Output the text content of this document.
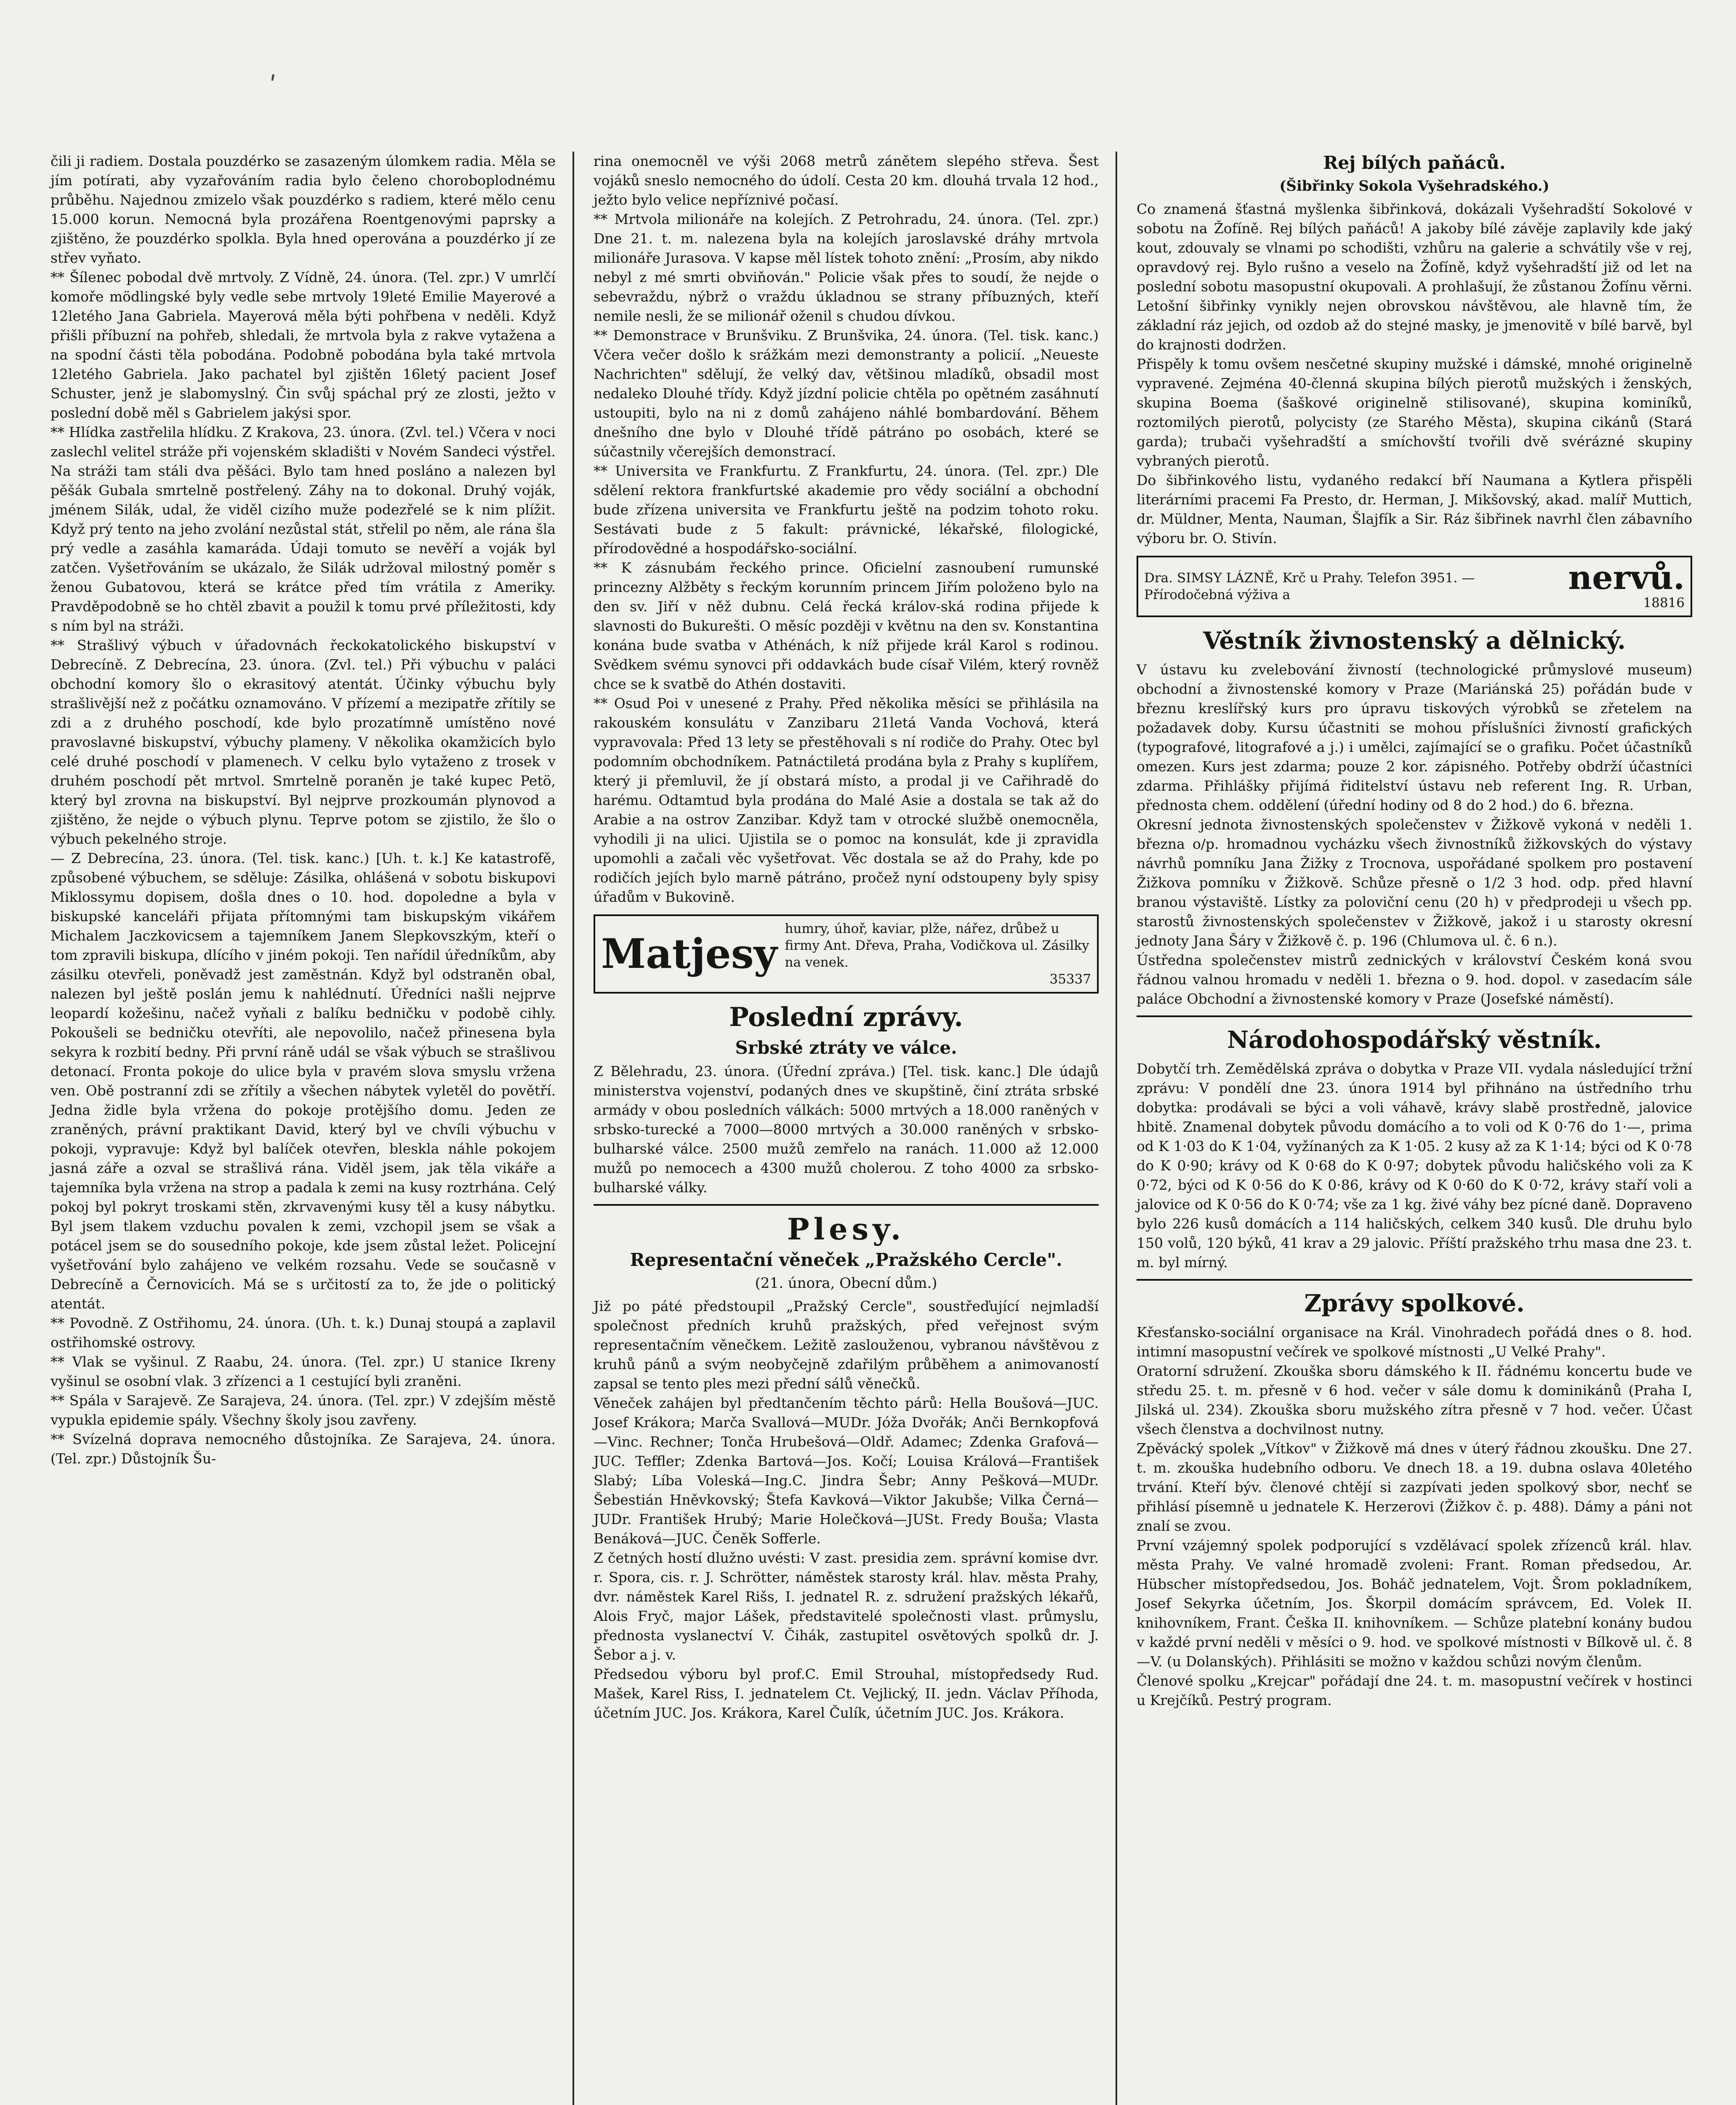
ʹ

čili ji radiem. Dostala pouzdérko se zasazeným úlomkem radia. Měla se jím potírati, aby vyzařováním radia bylo čeleno choroboplodnému průběhu. Najednou zmizelo však pouzdérko s radiem, které mělo cenu 15.000 korun. Nemocná byla prozářena Roentgenovými paprsky a zjištěno, že pouzdérko spolkla. Byla hned operována a pouzdérko jí ze střev vyňato.

** Šílenec pobodal dvě mrtvoly. Z Vídně, 24. února. (Tel. zpr.) V umrlčí komoře mödlingské byly vedle sebe mrtvoly 19leté Emilie Mayerové a 12letého Jana Gabriela. Mayerová měla býti pohřbena v neděli. Když přišli příbuzní na pohřeb, shledali, že mrtvola byla z rakve vytažena a na spodní části těla pobodána. Podobně pobodána byla také mrtvola 12letého Gabriela. Jako pachatel byl zjištěn 16letý pacient Josef Schuster, jenž je slabomyslný. Čin svůj spáchal prý ze zlosti, ježto v poslední době měl s Gabrielem jakýsi spor.

** Hlídka zastřelila hlídku. Z Krakova, 23. února. (Zvl. tel.) Včera v noci zaslechl velitel stráže při vojenském skladišti v Novém Sandeci výstřel. Na stráži tam stáli dva pěšáci. Bylo tam hned posláno a nalezen byl pěšák Gubala smrtelně postřelený. Záhy na to dokonal. Druhý voják, jménem Silák, udal, že viděl cizího muže podezřelé se k nim plížit. Když prý tento na jeho zvolání nezůstal stát, střelil po něm, ale rána šla prý vedle a zasáhla kamaráda. Údaji tomuto se nevěří a voják byl zatčen. Vyšetřováním se ukázalo, že Silák udržoval milostný poměr s ženou Gubatovou, která se krátce před tím vrátila z Ameriky. Pravděpodobně se ho chtěl zbavit a použil k tomu prvé příležitosti, kdy s ním byl na stráži.

** Strašlivý výbuch v úřadovnách řeckokatolického biskupství v Debrecíně. Z Debrecína, 23. února. (Zvl. tel.) Při výbuchu v paláci obchodní komory šlo o ekrasitový atentát. Účinky výbuchu byly strašlivější než z počátku oznamováno. V přízemí a mezipatře zřítily se zdi a z druhého poschodí, kde bylo prozatímně umístěno nové pravoslavné biskupství, výbuchy plameny. V několika okamžicích bylo celé druhé poschodí v plamenech. V celku bylo vytaženo z trosek v druhém poschodí pět mrtvol. Smrtelně poraněn je také kupec Petö, který byl zrovna na biskupství. Byl nejprve prozkoumán plynovod a zjištěno, že nejde o výbuch plynu. Teprve potom se zjistilo, že šlo o výbuch pekelného stroje.

— Z Debrecína, 23. února. (Tel. tisk. kanc.) [Uh. t. k.] Ke katastrofě, způsobené výbuchem, se sděluje: Zásilka, ohlášená v sobotu biskupovi Miklossymu dopisem, došla dnes o 10. hod. dopoledne a byla v biskupské kanceláři přijata přítomnými tam biskupským vikářem Michalem Jaczkovicsem a tajemníkem Janem Slepkovszkým, kteří o tom zpravili biskupa, dlícího v jiném pokoji. Ten nařídil úředníkům, aby zásilku otevřeli, poněvadž jest zaměstnán. Když byl odstraněn obal, nalezen byl ještě poslán jemu k nahlédnutí. Úředníci našli nejprve leopardí kožešinu, načež vyňali z balíku bedničku v podobě cihly. Pokoušeli se bedničku otevříti, ale nepovolilo, načež přinesena byla sekyra k rozbití bedny. Při první ráně udál se však výbuch se strašlivou detonací. Fronta pokoje do ulice byla v pravém slova smyslu vržena ven. Obě postranní zdi se zřítily a všechen nábytek vyletěl do povětří. Jedna židle byla vržena do pokoje protějšího domu. Jeden ze zraněných, právní praktikant David, který byl ve chvíli výbuchu v pokoji, vypravuje: Když byl balíček otevřen, bleskla náhle pokojem jasná záře a ozval se strašlivá rána. Viděl jsem, jak těla vikáře a tajemníka byla vržena na strop a padala k zemi na kusy roztrhána. Celý pokoj byl pokryt troskami stěn, zkrvavenými kusy těl a kusy nábytku. Byl jsem tlakem vzduchu povalen k zemi, vzchopil jsem se však a potácel jsem se do sousedního pokoje, kde jsem zůstal ležet. Policejní vyšetřování bylo zahájeno ve velkém rozsahu. Vede se současně v Debrecíně a Černovicích. Má se s určitostí za to, že jde o politický atentát.

** Povodně. Z Ostřihomu, 24. února. (Uh. t. k.) Dunaj stoupá a zaplavil ostřihomské ostrovy.

** Vlak se vyšinul. Z Raabu, 24. února. (Tel. zpr.) U stanice Ikreny vyšinul se osobní vlak. 3 zřízenci a 1 cestující byli zraněni.

** Spála v Sarajevě. Ze Sarajeva, 24. února. (Tel. zpr.) V zdejším městě vypukla epidemie spály. Všechny školy jsou zavřeny.

** Svízelná doprava nemocného důstojníka. Ze Sarajeva, 24. února. (Tel. zpr.) Důstojník Šu-

rina onemocněl ve výši 2068 metrů zánětem slepého střeva. Šest vojáků sneslo nemocného do údolí. Cesta 20 km. dlouhá trvala 12 hod., ježto bylo velice nepříznivé počasí.

** Mrtvola milionáře na kolejích. Z Petrohradu, 24. února. (Tel. zpr.) Dne 21. t. m. nalezena byla na kolejích jaroslavské dráhy mrtvola milionáře Jurasova. V kapse měl lístek tohoto znění: „Prosím, aby nikdo nebyl z mé smrti obviňován." Policie však přes to soudí, že nejde o sebevraždu, nýbrž o vraždu úkladnou se strany příbuzných, kteří nemile nesli, že se milionář oženil s chudou dívkou.

** Demonstrace v Brunšviku. Z Brunšvika, 24. února. (Tel. tisk. kanc.) Včera večer došlo k srážkám mezi demonstranty a policií. „Neueste Nachrichten" sdělují, že velký dav, většinou mladíků, obsadil most nedaleko Dlouhé třídy. Když jízdní policie chtěla po opětném zasáhnutí ustoupiti, bylo na ni z domů zahájeno náhlé bombardování. Během dnešního dne bylo v Dlouhé třídě pátráno po osobách, které se súčastnily včerejších demonstrací.

** Universita ve Frankfurtu. Z Frankfurtu, 24. února. (Tel. zpr.) Dle sdělení rektora frankfurtské akademie pro vědy sociální a obchodní bude zřízena universita ve Frankfurtu ještě na podzim tohoto roku. Sestávati bude z 5 fakult: právnické, lékařské, filologické, přírodovědné a hospodářsko-sociální.

** K zásnubám řeckého prince. Oficielní zasnoubení rumunské princezny Alžběty s řeckým korunním princem Jiřím položeno bylo na den sv. Jiří v něž dubnu. Celá řecká králov-ská rodina přijede k slavnosti do Bukurešti. O měsíc později v květnu na den sv. Konstantina konána bude svatba v Athénách, k níž přijede král Karol s rodinou. Svědkem svému synovci při oddavkách bude císař Vilém, který rovněž chce se k svatbě do Athén dostaviti.

** Osud Poi v unesené z Prahy. Před několika měsíci se přihlásila na rakouském konsulátu v Zanzibaru 21letá Vanda Vochová, která vypravovala: Před 13 lety se přestěhovali s ní rodiče do Prahy. Otec byl podomním obchodníkem. Patnáctiletá prodána byla z Prahy s kuplířem, který ji přemluvil, že jí obstará místo, a prodal ji ve Cařihradě do harému. Odtamtud byla prodána do Malé Asie a dostala se tak až do Arabie a na ostrov Zanzibar. Když tam v otrocké službě onemocněla, vyhodili ji na ulici. Ujistila se o pomoc na konsulát, kde ji zpravidla upomohli a začali věc vyšetřovat. Věc dostala se až do Prahy, kde po rodičích jejích bylo marně pátráno, pročež nyní odstoupeny byly spisy úřadům v Bukovině.

Matjesy
humry, úhoř, kaviar, plže, nářez, drůbež u firmy Ant. Dřeva, Praha, Vodičkova ul. Zásilky na venek.
35337
Poslední zprávy.
Srbské ztráty ve válce.

Z Bělehradu, 23. února. (Úřední zpráva.) [Tel. tisk. kanc.] Dle údajů ministerstva vojenství, podaných dnes ve skupštině, činí ztráta srbské armády v obou posledních válkách: 5000 mrtvých a 18.000 raněných v srbsko-turecké a 7000—8000 mrtvých a 30.000 raněných v srbsko-bulharské válce. 2500 mužů zemřelo na ranách. 11.000 až 12.000 mužů po nemocech a 4300 mužů cholerou. Z toho 4000 za srbsko-bulharské války.

Plesy.
Representační věneček „Pražského Cercle".
(21. února, Obecní dům.)

Již po páté předstoupil „Pražský Cercle", soustřeďující nejmladší společnost předních kruhů pražských, před veřejnost svým representačním věnečkem. Ležitě zaslouženou, vybranou návštěvou z kruhů pánů a svým neobyčejně zdařilým průběhem a animovaností zapsal se tento ples mezi přední sálů věnečků.

Věneček zahájen byl předtančením těchto párů: Hella Boušová—JUC. Josef Krákora; Marča Svallová—MUDr. Jóža Dvořák; Anči Bernkopfová—Vinc. Rechner; Tonča Hrubešová—Oldř. Adamec; Zdenka Grafová—JUC. Teffler; Zdenka Bartová—Jos. Kočí; Louisa Králová—František Slabý; Líba Voleská—Ing.C. Jindra Šebr; Anny Pešková—MUDr. Šebestián Hněvkovský; Štefa Kavková—Viktor Jakubše; Vilka Černá—JUDr. František Hrubý; Marie Holečková—JUSt. Fredy Bouša; Vlasta Benáková—JUC. Čeněk Sofferle.

Z četných hostí dlužno uvésti: V zast. presidia zem. správní komise dvr. r. Spora, cis. r. J. Schrötter, náměstek starosty král. hlav. města Prahy, dvr. náměstek Karel Rišs, I. jednatel R. z. sdružení pražských lékařů, Alois Fryč, major Lášek, představitelé společnosti vlast. průmyslu, přednosta vyslanectví V. Čihák, zastupitel osvětových spolků dr. J. Šebor a j. v.

Předsedou výboru byl prof.C. Emil Strouhal, místopředsedy Rud. Mašek, Karel Riss, I. jednatelem Ct. Vejlický, II. jedn. Václav Příhoda, účetním JUC. Jos. Krákora, Karel Čulík, účetním JUC. Jos. Krákora.

Rej bílých paňáců.
(Šibřinky Sokola Vyšehradského.)

Co znamená šťastná myšlenka šibřinková, dokázali Vyšehradští Sokolové v sobotu na Žofíně. Rej bílých paňáců! A jakoby bílé závěje zaplavily kde jaký kout, zdouvaly se vlnami po schodišti, vzhůru na galerie a schvátily vše v rej, opravdový rej. Bylo rušno a veselo na Žofíně, když vyšehradští již od let na poslední sobotu masopustní okupovali. A prohlašují, že zůstanou Žofínu věrni. Letošní šibřinky vynikly nejen obrovskou návštěvou, ale hlavně tím, že základní ráz jejich, od ozdob až do stejné masky, je jmenovitě v bílé barvě, byl do krajnosti dodržen.

Přispěly k tomu ovšem nesčetné skupiny mužské i dámské, mnohé originelně vypravené. Zejména 40-členná skupina bílých pierotů mužských i ženských, skupina Boema (šaškové originelně stilisované), skupina kominíků, roztomilých pierotů, polycisty (ze Starého Města), skupina cikánů (Stará garda); trubači vyšehradští a smíchovští tvořili dvě svérázné skupiny vybraných pierotů.

Do šibřinkového listu, vydaného redakcí bří Naumana a Kytlera přispěli literárními pracemi Fa Presto, dr. Herman, J. Mikšovský, akad. malíř Muttich, dr. Müldner, Menta, Nauman, Šlajfík a Sir. Ráz šibřinek navrhl člen zábavního výboru br. O. Stivín.

Dra. SIMSY LÁZNĚ, Krč u Prahy. Telefon 3951. — Přírodočebná výživa a	nervů.
18816
Věstník živnostenský a dělnický.

V ústavu ku zvelebování živností (technologické průmyslové museum) obchodní a živnostenské komory v Praze (Mariánská 25) pořádán bude v březnu kreslířský kurs pro úpravu tiskových výrobků se zřetelem na požadavek doby. Kursu účastniti se mohou příslušníci živností grafických (typografové, litografové a j.) i umělci, zajímající se o grafiku. Počet účastníků omezen. Kurs jest zdarma; pouze 2 kor. zápisného. Potřeby obdrží účastníci zdarma. Přihlášky přijímá řiditelství ústavu neb referent Ing. R. Urban, přednosta chem. oddělení (úřední hodiny od 8 do 2 hod.) do 6. března.

Okresní jednota živnostenských společenstev v Žižkově vykoná v neděli 1. března o/p. hromadnou vycházku všech živnostníků žižkovských do výstavy návrhů pomníku Jana Žižky z Trocnova, uspořádané spolkem pro postavení Žižkova pomníku v Žižkově. Schůze přesně o 1/2 3 hod. odp. před hlavní branou výstaviště. Lístky za poloviční cenu (20 h) v předprodeji u všech pp. starostů živnostenských společenstev v Žižkově, jakož i u starosty okresní jednoty Jana Šáry v Žižkově č. p. 196 (Chlumova ul. č. 6 n.).

Ústředna společenstev mistrů zednických v království Českém koná svou řádnou valnou hromadu v neděli 1. března o 9. hod. dopol. v zasedacím sále paláce Obchodní a živnostenské komory v Praze (Josefské náměstí).

Národohospodářský věstník.

Dobytčí trh. Zemědělská zpráva o dobytka v Praze VII. vydala následující tržní zprávu: V pondělí dne 23. února 1914 byl přihnáno na ústředního trhu dobytka: prodávali se býci a voli váhavě, krávy slabě prostředně, jalovice hbitě. Znamenal dobytek původu domácího a to voli od K 0·76 do 1·—, prima od K 1·03 do K 1·04, vyžínaných za K 1·05. 2 kusy až za K 1·14; býci od K 0·78 do K 0·90; krávy od K 0·68 do K 0·97; dobytek původu haličského voli za K 0·72, býci od K 0·56 do K 0·86, krávy od K 0·60 do K 0·72, krávy staří voli a jalovice od K 0·56 do K 0·74; vše za 1 kg. živé váhy bez pícné daně. Dopraveno bylo 226 kusů domácích a 114 haličských, celkem 340 kusů. Dle druhu bylo 150 volů, 120 býků, 41 krav a 29 jalovic. Příští pražského trhu masa dne 23. t. m. byl mírný.

Zprávy spolkové.

Křesťansko-sociální organisace na Král. Vinohradech pořádá dnes o 8. hod. intimní masopustní večírek ve spolkové místnosti „U Velké Prahy".

Oratorní sdružení. Zkouška sboru dámského k II. řádnému koncertu bude ve středu 25. t. m. přesně v 6 hod. večer v sále domu k dominikánů (Praha I, Jilská ul. 234). Zkouška sboru mužského zítra přesně v 7 hod. večer. Účast všech členstva a dochvilnost nutny.

Zpěvácký spolek „Vítkov" v Žižkově má dnes v úterý řádnou zkoušku. Dne 27. t. m. zkouška hudebního odboru. Ve dnech 18. a 19. dubna oslava 40letého trvání. Kteří býv. členové chtějí si zazpívati jeden spolkový sbor, nechť se přihlásí písemně u jednatele K. Herzerovi (Žižkov č. p. 488). Dámy a páni not znalí se zvou.

První vzájemný spolek podporující s vzdělávací spolek zřízenců král. hlav. města Prahy. Ve valné hromadě zvoleni: Frant. Roman předsedou, Ar. Hübscher místopředsedou, Jos. Boháč jednatelem, Vojt. Šrom pokladníkem, Josef Sekyrka účetním, Jos. Škorpil domácím správcem, Ed. Volek II. knihovníkem, Frant. Češka II. knihovníkem. — Schůze platební konány budou v každé první neděli v měsíci o 9. hod. ve spolkové místnosti v Bílkově ul. č. 8—V. (u Dolanských). Přihlásiti se možno v každou schůzi novým členům.

Členové spolku „Krejcar" pořádají dne 24. t. m. masopustní večírek v hostinci u Krejčíků. Pestrý program.
